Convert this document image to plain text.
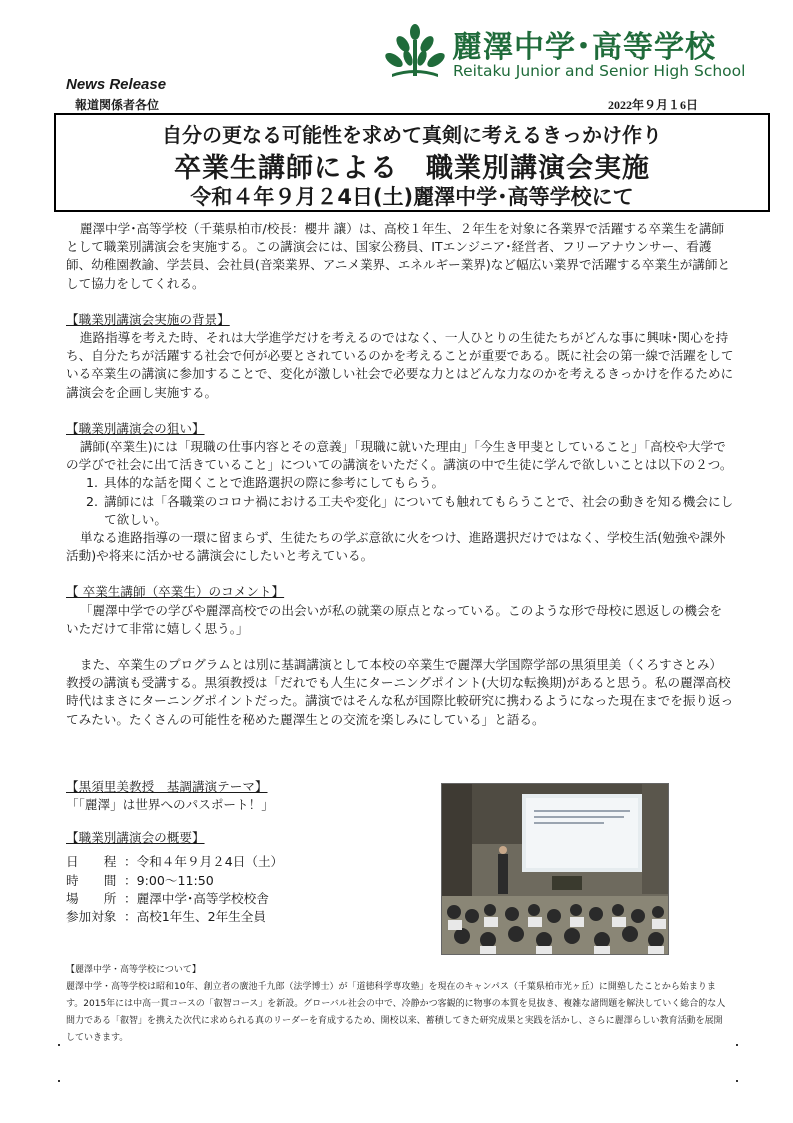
麗澤中学･高等学校
Reitaku Junior and Senior High School
News Release
報道関係者各位	2022年９月１6日
自分の更なる可能性を求めて真剣に考えるきっかけ作り
卒業生講師による　職業別講演会実施
令和４年９月２4日(土)麗澤中学･高等学校にて

麗澤中学･高等学校（千葉県柏市/校長：櫻井 讓）は、高校１年生、２年生を対象に各業界で活躍する卒業生を講師として職業別講演会を実施する。この講演会には、国家公務員、ITエンジニア･経営者、フリーアナウンサー、看護師、幼稚園教諭、学芸員、会社員(音楽業界、アニメ業界、エネルギー業界)など幅広い業界で活躍する卒業生が講師として協力をしてくれる。

【職業別講演会実施の背景】

進路指導を考えた時、それは大学進学だけを考えるのではなく、一人ひとりの生徒たちがどんな事に興味･関心を持ち、自分たちが活躍する社会で何が必要とされているのかを考えることが重要である。既に社会の第一線で活躍をしている卒業生の講演に参加することで、変化が激しい社会で必要な力とはどんな力なのかを考えるきっかけを作るために講演会を企画し実施する。

【職業別講演会の狙い】

講師(卒業生)には「現職の仕事内容とその意義」「現職に就いた理由」「今生き甲斐としていること」「高校や大学での学びで社会に出て活きていること」についての講演をいただく。講演の中で生徒に学んで欲しいことは以下の２つ。

1. 具体的な話を聞くことで進路選択の際に参考にしてもらう。
2. 講師には「各職業のコロナ禍における工夫や変化」についても触れてもらうことで、社会の動きを知る機会にして欲しい。

単なる進路指導の一環に留まらず、生徒たちの学ぶ意欲に火をつけ、進路選択だけではなく、学校生活(勉強や課外活動)や将来に活かせる講演会にしたいと考えている。

【 卒業生講師（卒業生）のコメント】

「麗澤中学での学びや麗澤高校での出会いが私の就業の原点となっている。このような形で母校に恩返しの機会をいただけて非常に嬉しく思う。」

また、卒業生のプログラムとは別に基調講演として本校の卒業生で麗澤大学国際学部の黒須里美（くろすさとみ）教授の講演も受講する。黒須教授は「だれでも人生にターニングポイント(大切な転換期)があると思う。私の麗澤高校時代はまさにターニングポイントだった。講演ではそんな私が国際比較研究に携わるようになった現在までを振り返ってみたい。たくさんの可能性を秘めた麗澤生との交流を楽しみにしている」と語る。

【黒須里美教授　基調講演テーマ】

「「麗澤」は世界へのパスポート！」

【職業別講演会の概要】
日　　程 ：令和４年９月２4日（土）
時　　間 ：9:00～11:50
場　　所 ：麗澤中学･高等学校校舎
参加対象 ：高校1年生、2年生全員

【麗澤中学・高等学校について】

麗澤中学・高等学校は昭和10年、創立者の廣池千九郎（法学博士）が「道徳科学専攻塾」を現在のキャンパス（千葉県柏市光ヶ丘）に開塾したことから始まります。2015年には中高一貫コースの「叡智コース」を新設。グローバル社会の中で、冷静かつ客観的に物事の本質を見抜き、複雑な諸問題を解決していく総合的な人間力である「叡智」を携えた次代に求められる真のリーダーを育成するため、開校以来、蓄積してきた研究成果と実践を活かし、さらに麗澤らしい教育活動を展開していきます。
